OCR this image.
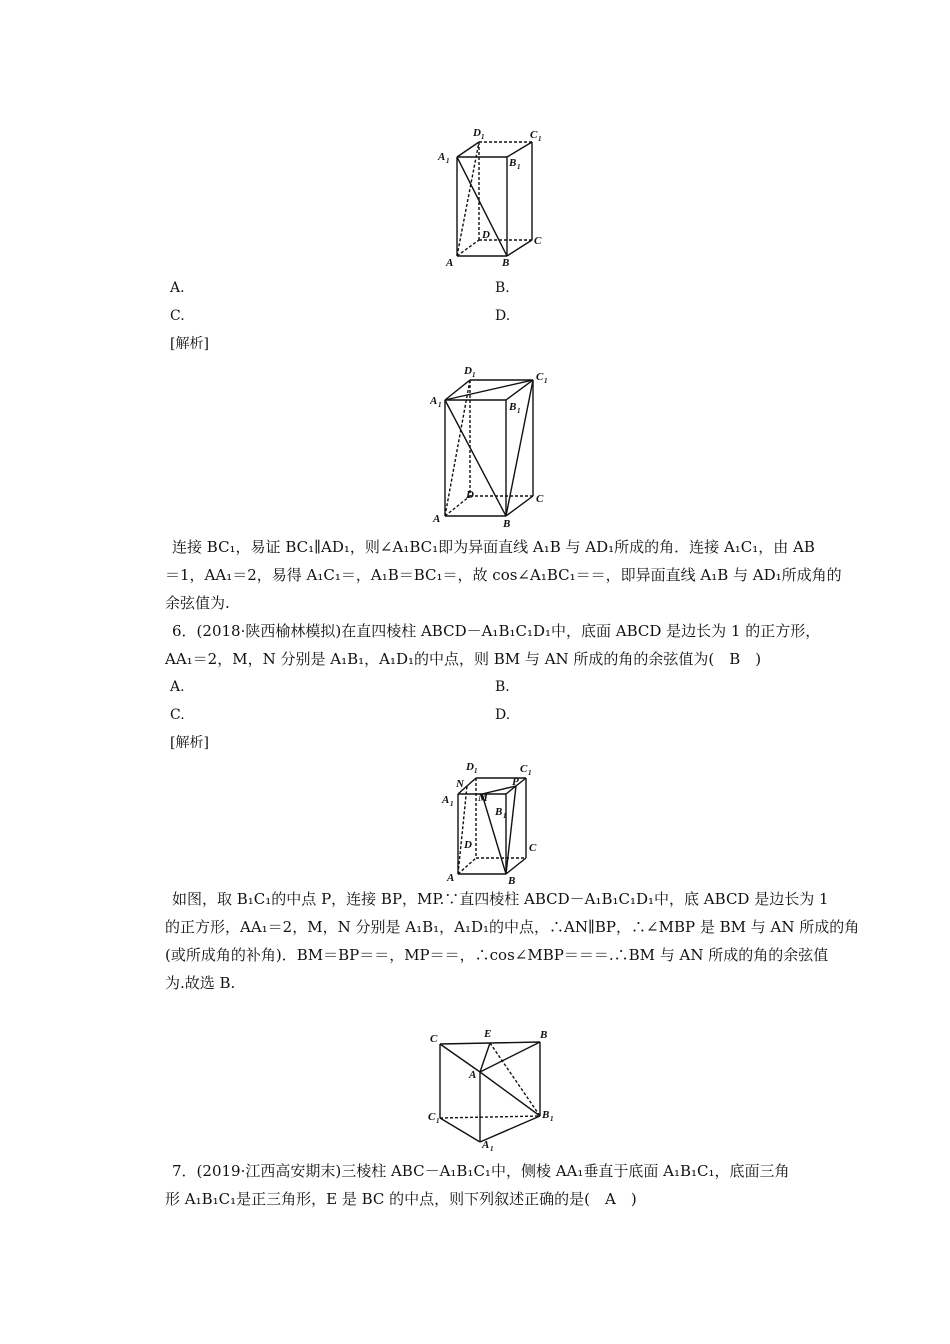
D 1	C 1
A 1	B 1
D	C
A	B
A.	B.
C.	D.
[解析]
D 1	C 1
A 1	B 1
D	C
A	B
连接 BC₁，易证 BC₁∥AD₁，则∠A₁BC₁即为异面直线 A₁B 与 AD₁所成的角．连接 A₁C₁，由 AB
＝1，AA₁＝2，易得 A₁C₁＝，A₁B＝BC₁＝，故 cos∠A₁BC₁＝＝，即异面直线 A₁B 与 AD₁所成角的
余弦值为.
6．(2018·陕西榆林模拟)在直四棱柱 ABCD－A₁B₁C₁D₁中，底面 ABCD 是边长为 1 的正方形，
AA₁＝2，M，N 分别是 A₁B₁，A₁D₁的中点，则 BM 与 AN 所成的角的余弦值为(　B　)
A.	B.
C.	D.
[解析]
D 1	C 1
N	P
A 1 M
B 1
D	C
A	B
如图，取 B₁C₁的中点 P，连接 BP，MP.∵直四棱柱 ABCD－A₁B₁C₁D₁中，底 ABCD 是边长为 1
的正方形，AA₁＝2，M，N 分别是 A₁B₁，A₁D₁的中点，∴AN∥BP，∴∠MBP 是 BM 与 AN 所成的角
(或所成角的补角)．BM＝BP＝＝，MP＝＝，∴cos∠MBP＝＝＝.∴BM 与 AN 所成的角的余弦值
为.故选 B.
C	E	B
A
C 1	B 1
A 1
7．(2019·江西高安期末)三棱柱 ABC－A₁B₁C₁中，侧棱 AA₁垂直于底面 A₁B₁C₁，底面三角
形 A₁B₁C₁是正三角形，E 是 BC 的中点，则下列叙述正确的是(　A　)
